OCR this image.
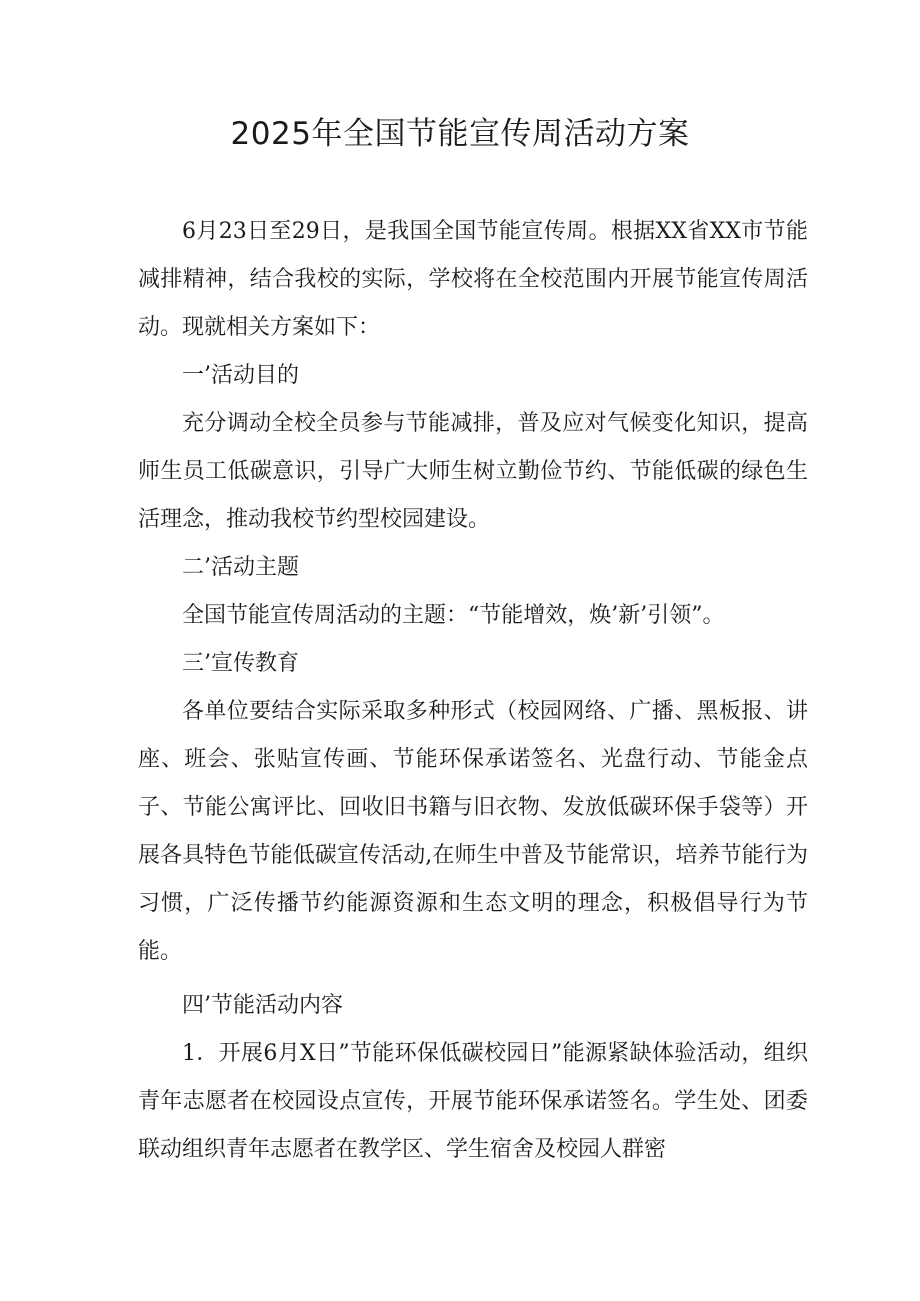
2025年全国节能宣传周活动方案

6月23日至29日，是我国全国节能宣传周。根据XX省XX市节能减排精神，结合我校的实际，学校将在全校范围内开展节能宣传周活动。现就相关方案如下：

一’活动目的

充分调动全校全员参与节能减排，普及应对气候变化知识，提高师生员工低碳意识，引导广大师生树立勤俭节约、节能低碳的绿色生活理念，推动我校节约型校园建设。

二’活动主题

全国节能宣传周活动的主题：“节能增效，焕’新’引领”。

三’宣传教育

各单位要结合实际采取多种形式（校园网络、广播、黑板报、讲座、班会、张贴宣传画、节能环保承诺签名、光盘行动、节能金点子、节能公寓评比、回收旧书籍与旧衣物、发放低碳环保手袋等）开展各具特色节能低碳宣传活动,在师生中普及节能常识，培养节能行为习惯，广泛传播节约能源资源和生态文明的理念，积极倡导行为节能。

四’节能活动内容

1．开展6月X日”节能环保低碳校园日”能源紧缺体验活动，组织青年志愿者在校园设点宣传，开展节能环保承诺签名。学生处、团委联动组织青年志愿者在教学区、学生宿舍及校园人群密
